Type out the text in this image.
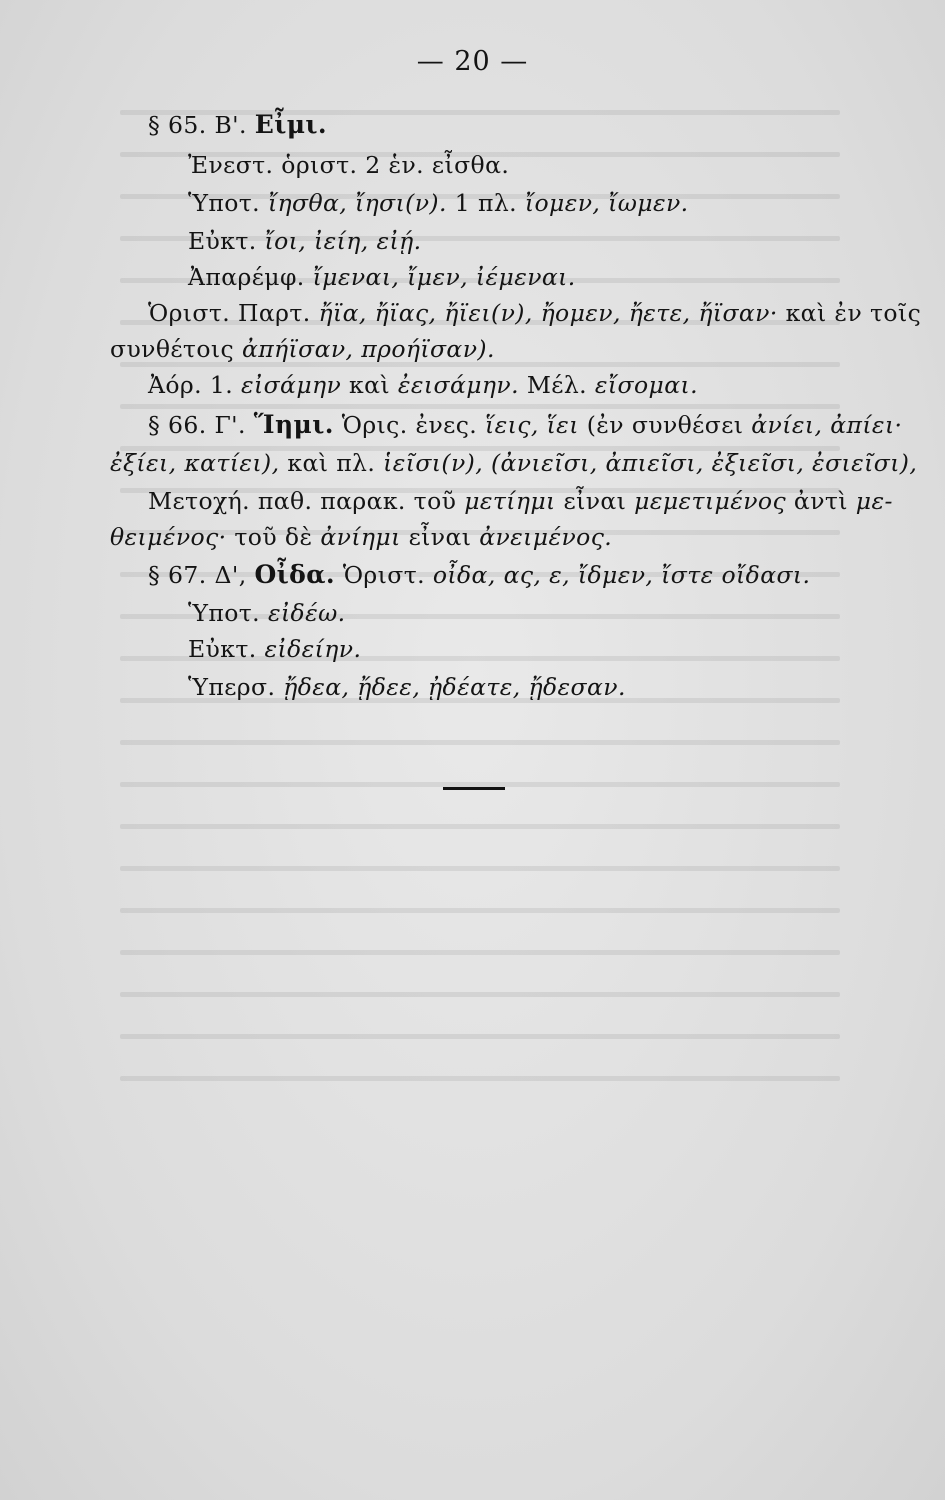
— 20 —
§ 65. Β'. Εἶμι.
Ἐνεστ. ὁριστ. 2 ἑν. εἶσθα.
Ὑποτ. ἴησθα, ἴησι(ν). 1 πλ. ἴομεν, ἴωμεν.
Εὐκτ. ἴοι, ἰείη, εἰῄ.
Ἀπαρέμφ. ἴμεναι, ἴμεν, ἰέμεναι.
Ὁριστ. Παρτ. ἤϊα, ἤϊας, ἤϊει(ν), ἤομεν, ἤετε, ἤϊσαν· καὶ ἐν τοῖς
συνθέτοις ἀπήϊσαν, προήϊσαν).
Ἀόρ. 1. εἰσάμην καὶ ἐεισάμην. Μέλ. εἴσομαι.
§ 66. Γ'. Ἵημι. Ὁρις. ἐνες. ἵεις, ἵει (ἐν συνθέσει ἀνίει, ἀπίει·
ἐξίει, κατίει), καὶ πλ. ἱεῖσι(ν), (ἀνιεῖσι, ἀπιεῖσι, ἐξιεῖσι, ἐσιεῖσι),
Μετοχή. παθ. παρακ. τοῦ μετίημι εἶναι μεμετιμένος ἀντὶ με-
θειμένος· τοῦ δὲ ἀνίημι εἶναι ἀνειμένος.
§ 67. Δ', Οἶδα. Ὁριστ. οἶδα, ας, ε, ἴδμεν, ἴστε οἴδασι.
Ὑποτ. εἰδέω.
Εὐκτ. εἰδείην.
Ὑπερσ. ᾔδεα, ᾔδεε, ᾐδέατε, ᾔδεσαν.
